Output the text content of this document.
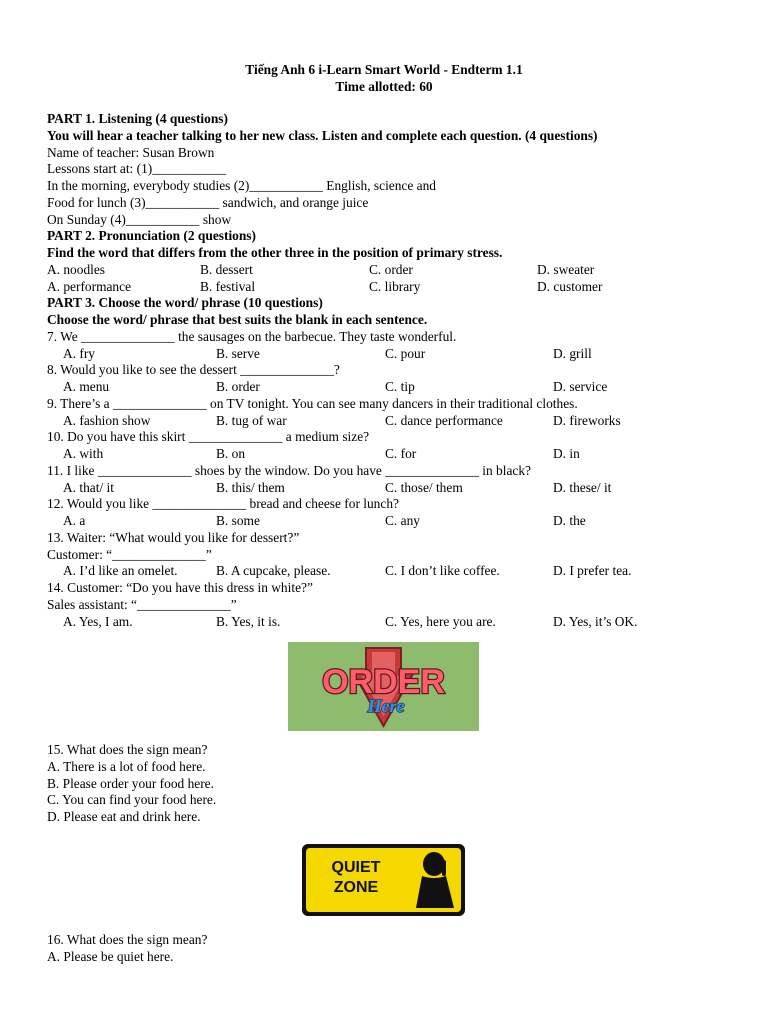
Tiếng Anh 6 i-Learn Smart World - Endterm 1.1
Time allotted: 60
PART 1. Listening (4 questions)
You will hear a teacher talking to her new class. Listen and complete each question. (4 questions)
Name of teacher: Susan Brown
Lessons start at: (1)___________
In the morning, everybody studies (2)___________ English, science and
Food for lunch (3)___________ sandwich, and orange juice
On Sunday (4)___________ show
PART 2. Pronunciation (2 questions)
Find the word that differs from the other three in the position of primary stress.
A. noodles	B. dessert	C. order	D. sweater
A. performance	B. festival	C. library	D. customer
PART 3. Choose the word/ phrase (10 questions)
Choose the word/ phrase that best suits the blank in each sentence.
7. We ______________ the sausages on the barbecue. They taste wonderful.
A. fry	B. serve	C. pour	D. grill
8. Would you like to see the dessert ______________?
A. menu	B. order	C. tip	D. service
9. There’s a ______________ on TV tonight. You can see many dancers in their traditional clothes.
A. fashion show	B. tug of war	C. dance performance	D. fireworks
10. Do you have this skirt ______________ a medium size?
A. with	B. on	C. for	D. in
11. I like ______________ shoes by the window. Do you have ______________ in black?
A. that/ it	B. this/ them	C. those/ them	D. these/ it
12. Would you like ______________ bread and cheese for lunch?
A. a	B. some	C. any	D. the
13. Waiter: “What would you like for dessert?”
Customer: “______________”
A. I’d like an omelet.	B. A cupcake, please.	C. I don’t like coffee.	D. I prefer tea.
14. Customer: “Do you have this dress in white?”
Sales assistant: “______________”
A. Yes, I am.	B. Yes, it is.	C. Yes, here you are.	D. Yes, it’s OK.
ORDER
Here
15. What does the sign mean?
A. There is a lot of food here.
B. Please order your food here.
C. You can find your food here.
D. Please eat and drink here.
QUIET
ZONE
16. What does the sign mean?
A. Please be quiet here.
